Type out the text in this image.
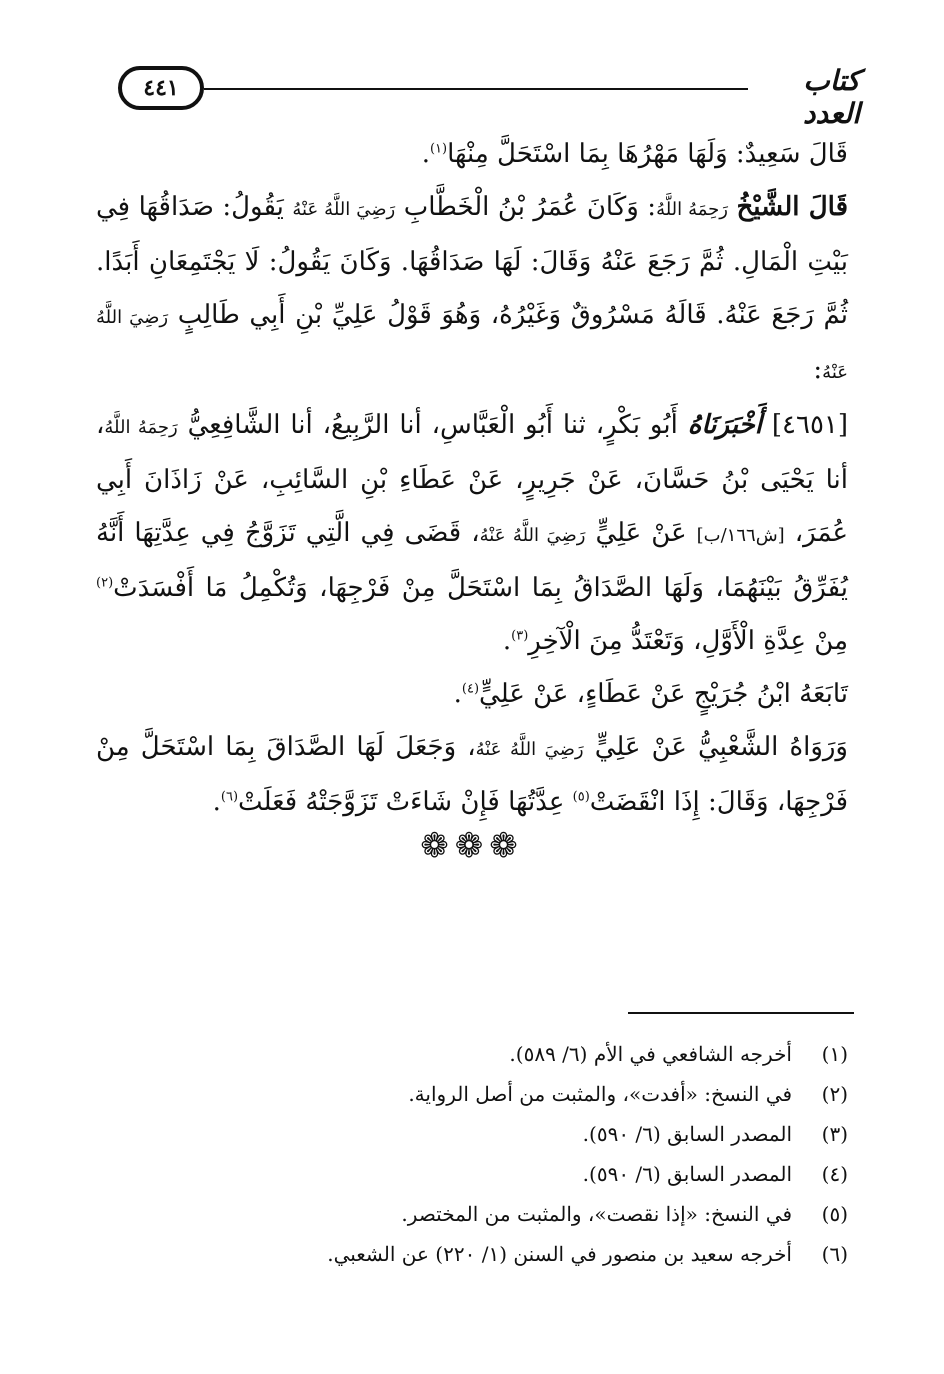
٤٤١	كتاب العدد

قَالَ سَعِيدٌ: وَلَهَا مَهْرُهَا بِمَا اسْتَحَلَّ مِنْهَا$^{(١)}$.

قَالَ الشَّيْخُ رَحِمَهُ اللَّهُ: وَكَانَ عُمَرُ بْنُ الْخَطَّابِ رَضِيَ اللَّهُ عَنْهُ يَقُولُ: صَدَاقُهَا فِي بَيْتِ الْمَالِ. ثُمَّ رَجَعَ عَنْهُ وَقَالَ: لَهَا صَدَاقُهَا. وَكَانَ يَقُولُ: لَا يَجْتَمِعَانِ أَبَدًا. ثُمَّ رَجَعَ عَنْهُ. قَالَهُ مَسْرُوقٌ وَغَيْرُهُ، وَهُوَ قَوْلُ عَلِيِّ بْنِ أَبِي طَالِبٍ رَضِيَ اللَّهُ عَنْهُ:

[٤٦٥١] أَخْبَرَنَاهُ أَبُو بَكْرٍ، ثنا أَبُو الْعَبَّاسِ، أنا الرَّبِيعُ، أنا الشَّافِعِيُّ رَحِمَهُ اللَّهُ، أنا يَحْيَى بْنُ حَسَّانَ، عَنْ جَرِيرٍ، عَنْ عَطَاءِ بْنِ السَّائِبِ، عَنْ زَاذَانَ أَبِي عُمَرَ، [ش١٦٦/ب] عَنْ عَلِيٍّ رَضِيَ اللَّهُ عَنْهُ، قَضَى فِي الَّتِي تَزَوَّجُ فِي عِدَّتِهَا أَنَّهُ يُفَرِّقُ بَيْنَهُمَا، وَلَهَا الصَّدَاقُ بِمَا اسْتَحَلَّ مِنْ فَرْجِهَا، وَتُكْمِلُ مَا أَفْسَدَتْ$^{(٢)}$ مِنْ عِدَّةِ الْأَوَّلِ، وَتَعْتَدُّ مِنَ الْآخِرِ$^{(٣)}$.

تَابَعَهُ ابْنُ جُرَيْجٍ عَنْ عَطَاءٍ، عَنْ عَلِيٍّ$^{(٤)}$.

وَرَوَاهُ الشَّعْبِيُّ عَنْ عَلِيٍّ رَضِيَ اللَّهُ عَنْهُ، وَجَعَلَ لَهَا الصَّدَاقَ بِمَا اسْتَحَلَّ مِنْ فَرْجِهَا، وَقَالَ: إِذَا انْقَضَتْ$^{(٥)}$ عِدَّتُهَا فَإِنْ شَاءَتْ تَزَوَّجَتْهُ فَعَلَتْ$^{(٦)}$.

❁❁❁
(١)
أخرجه الشافعي في الأم (٦/ ٥٨٩).
(٢)
في النسخ: «أفدت»، والمثبت من أصل الرواية.
(٣)
المصدر السابق (٦/ ٥٩٠).
(٤)
المصدر السابق (٦/ ٥٩٠).
(٥)
في النسخ: «إذا نقصت»، والمثبت من المختصر.
(٦)
أخرجه سعيد بن منصور في السنن (١/ ٢٢٠) عن الشعبي.
